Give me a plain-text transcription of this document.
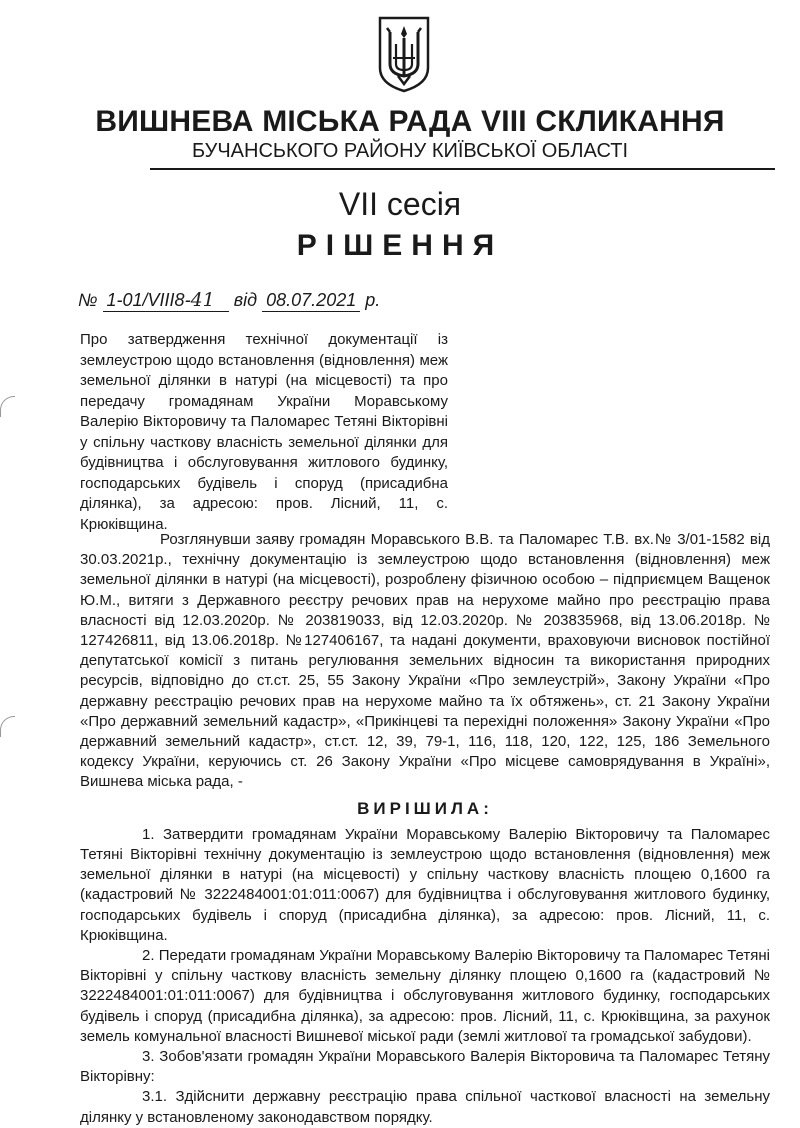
ВИШНЕВА МІСЬКА РАДА VIII СКЛИКАННЯ
БУЧАНСЬКОГО РАЙОНУ КИЇВСЬКОЇ ОБЛАСТІ
VII сесія
РІШЕННЯ
№ 1-01/VIII8-41 від 08.07.2021 р.

Про затвердження технічної документації із землеустрою щодо встановлення (відновлення) меж земельної ділянки в натурі (на місцевості) та про передачу громадянам України Моравському Валерію Вікторовичу та Паломарес Тетяні Вікторівні у спільну часткову власність земельної ділянки для будівництва і обслуговування житлового будинку, господарських будівель і споруд (присадибна ділянка), за адресою: пров. Лісний, 11, с. Крюківщина.

Розглянувши заяву громадян Моравського В.В. та Паломарес Т.В. вх.№ 3/01-1582 від 30.03.2021р., технічну документацію із землеустрою щодо встановлення (відновлення) меж земельної ділянки в натурі (на місцевості), розроблену фізичною особою – підприємцем Ващенок Ю.М., витяги з Державного реєстру речових прав на нерухоме майно про реєстрацію права власності від 12.03.2020р. № 203819033, від 12.03.2020р. № 203835968, від 13.06.2018р. № 127426811, від 13.06.2018р. №127406167, та надані документи, враховуючи висновок постійної депутатської комісії з питань регулювання земельних відносин та використання природних ресурсів, відповідно до ст.ст. 25, 55 Закону України «Про землеустрій», Закону України «Про державну реєстрацію речових прав на нерухоме майно та їх обтяжень», ст. 21 Закону України «Про державний земельний кадастр», «Прикінцеві та перехідні положення» Закону України «Про державний земельний кадастр», ст.ст. 12, 39, 79-1, 116, 118, 120, 122, 125, 186 Земельного кодексу України, керуючись ст. 26 Закону України «Про місцеве самоврядування в Україні», Вишнева міська рада, -

ВИРІШИЛА:

1. Затвердити громадянам України Моравському Валерію Вікторовичу та Паломарес Тетяні Вікторівні технічну документацію із землеустрою щодо встановлення (відновлення) меж земельної ділянки в натурі (на місцевості) у спільну часткову власність площею 0,1600 га (кадастровий № 3222484001:01:011:0067) для будівництва і обслуговування житлового будинку, господарських будівель і споруд (присадибна ділянка), за адресою: пров. Лісний, 11, с. Крюківщина.

2. Передати громадянам України Моравському Валерію Вікторовичу та Паломарес Тетяні Вікторівні у спільну часткову власність земельну ділянку площею 0,1600 га (кадастровий № 3222484001:01:011:0067) для будівництва і обслуговування житлового будинку, господарських будівель і споруд (присадибна ділянка), за адресою: пров. Лісний, 11, с. Крюківщина, за рахунок земель комунальної власності Вишневої міської ради (землі житлової та громадської забудови).

3. Зобов'язати громадян України Моравського Валерія Вікторовича та Паломарес Тетяну Вікторівну:

3.1. Здійснити державну реєстрацію права спільної часткової власності на земельну ділянку у встановленому законодавством порядку.
